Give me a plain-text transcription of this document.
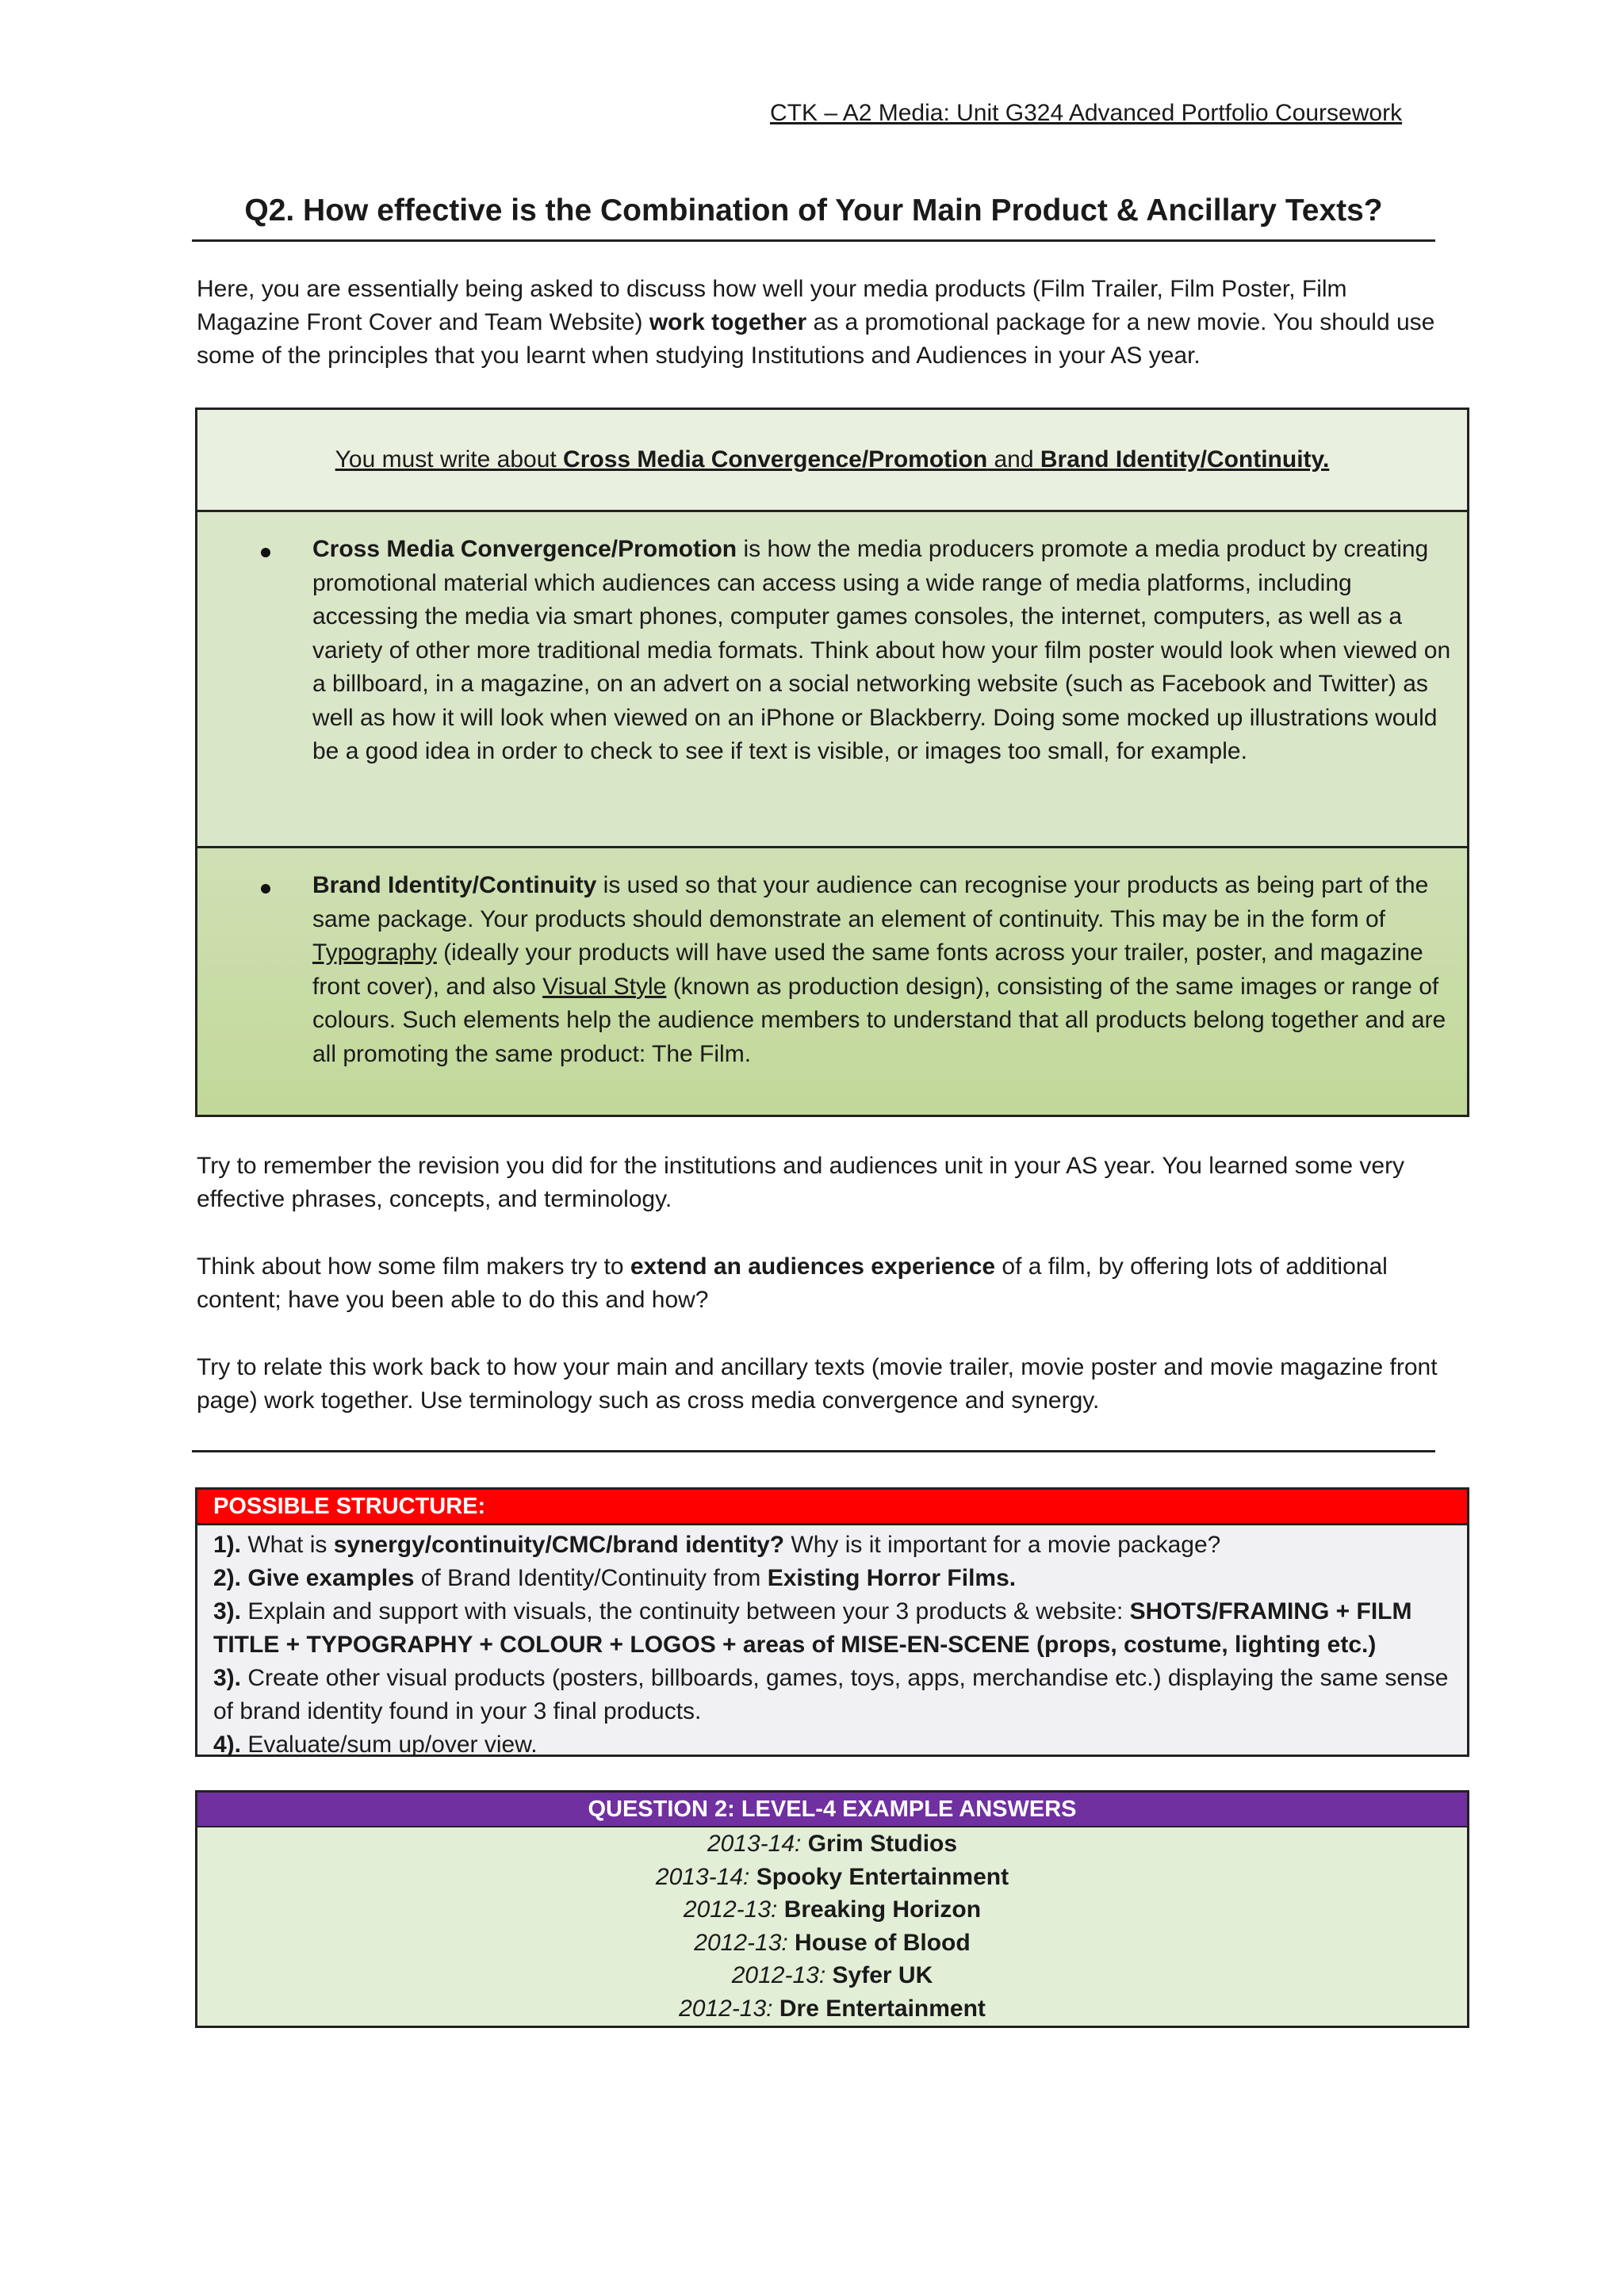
CTK – A2 Media: Unit G324 Advanced Portfolio Coursework
Q2. How effective is the Combination of Your Main Product & Ancillary Texts?
Here, you are essentially being asked to discuss how well your media products (Film Trailer, Film Poster, Film Magazine Front Cover and Team Website) work together as a promotional package for a new movie. You should use some of the principles that you learnt when studying Institutions and Audiences in your AS year.
You must write about Cross Media Convergence/Promotion and Brand Identity/Continuity.
Cross Media Convergence/Promotion is how the media producers promote a media product by creating promotional material which audiences can access using a wide range of media platforms, including accessing the media via smart phones, computer games consoles, the internet, computers, as well as a variety of other more traditional media formats. Think about how your film poster would look when viewed on a billboard, in a magazine, on an advert on a social networking website (such as Facebook and Twitter) as well as how it will look when viewed on an iPhone or Blackberry. Doing some mocked up illustrations would be a good idea in order to check to see if text is visible, or images too small, for example.
Brand Identity/Continuity is used so that your audience can recognise your products as being part of the same package. Your products should demonstrate an element of continuity. This may be in the form of Typography (ideally your products will have used the same fonts across your trailer, poster, and magazine front cover), and also Visual Style (known as production design), consisting of the same images or range of colours. Such elements help the audience members to understand that all products belong together and are all promoting the same product: The Film.
Try to remember the revision you did for the institutions and audiences unit in your AS year. You learned some very effective phrases, concepts, and terminology.
Think about how some film makers try to extend an audiences experience of a film, by offering lots of additional content; have you been able to do this and how?
Try to relate this work back to how your main and ancillary texts (movie trailer, movie poster and movie magazine front page) work together. Use terminology such as cross media convergence and synergy.
POSSIBLE STRUCTURE:
1). What is synergy/continuity/CMC/brand identity? Why is it important for a movie package?
2). Give examples of Brand Identity/Continuity from Existing Horror Films.
3). Explain and support with visuals, the continuity between your 3 products & website: SHOTS/FRAMING + FILM TITLE + TYPOGRAPHY + COLOUR + LOGOS + areas of MISE-EN-SCENE (props, costume, lighting etc.)
3). Create other visual products (posters, billboards, games, toys, apps, merchandise etc.) displaying the same sense of brand identity found in your 3 final products.
4). Evaluate/sum up/over view.
QUESTION 2: LEVEL-4 EXAMPLE ANSWERS
2013-14: Grim Studios
2013-14: Spooky Entertainment
2012-13: Breaking Horizon
2012-13: House of Blood
2012-13: Syfer UK
2012-13: Dre Entertainment
